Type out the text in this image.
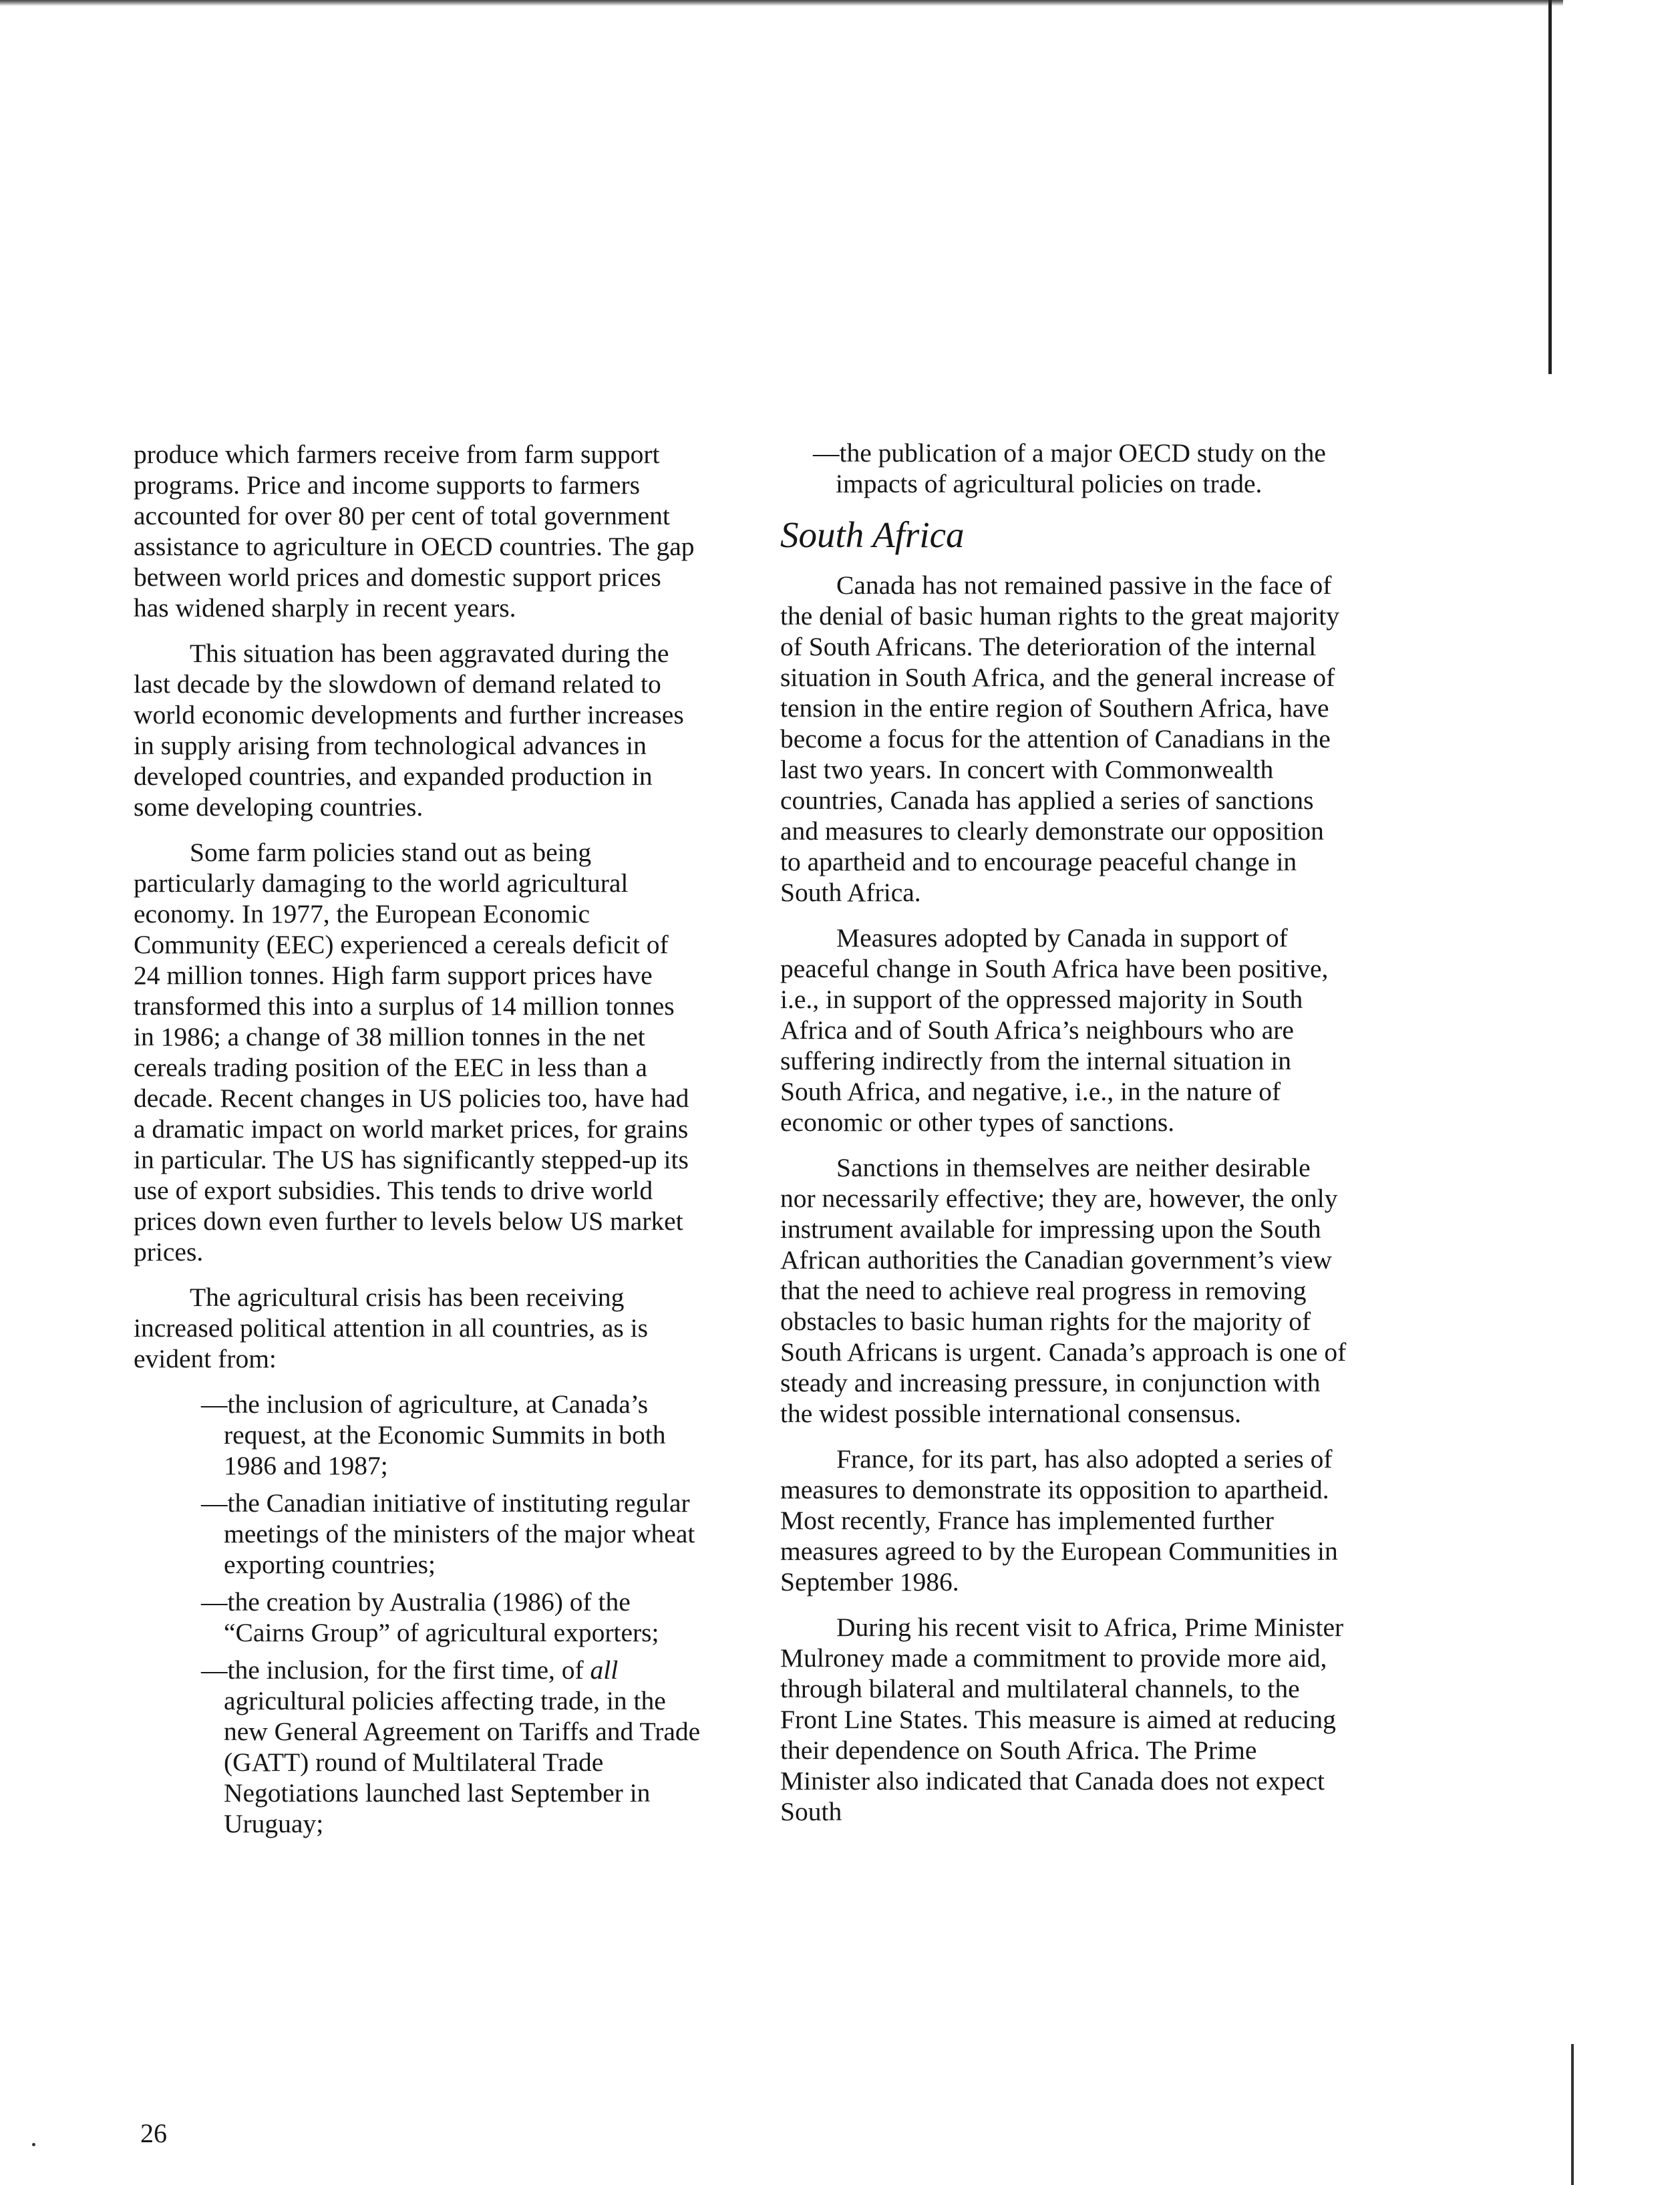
produce which farmers receive from farm support programs. Price and income supports to farmers accounted for over 80 per cent of total government assistance to agriculture in OECD countries. The gap between world prices and domestic support prices has widened sharply in recent years.

This situation has been aggravated during the last decade by the slowdown of demand related to world economic developments and further increases in supply arising from technological advances in developed countries, and expanded production in some developing countries.

Some farm policies stand out as being particularly damaging to the world agricultural economy. In 1977, the European Economic Community (EEC) experienced a cereals deficit of 24 million tonnes. High farm support prices have transformed this into a surplus of 14 million tonnes in 1986; a change of 38 million tonnes in the net cereals trading position of the EEC in less than a decade. Recent changes in US policies too, have had a dramatic impact on world market prices, for grains in particular. The US has significantly stepped-up its use of export subsidies. This tends to drive world prices down even further to levels below US market prices.

The agricultural crisis has been receiving increased political attention in all countries, as is evident from:

—the inclusion of agriculture, at Canada’s request, at the Economic Summits in both 1986 and 1987;
—the Canadian initiative of instituting regular meetings of the ministers of the major wheat exporting countries;
—the creation by Australia (1986) of the “Cairns Group” of agricultural exporters;
—the inclusion, for the first time, of all agricultural policies affecting trade, in the new General Agreement on Tariffs and Trade (GATT) round of Multilateral Trade Negotiations launched last September in Uruguay;
—the publication of a major OECD study on the impacts of agricultural policies on trade.
South Africa

Canada has not remained passive in the face of the denial of basic human rights to the great majority of South Africans. The deterioration of the internal situation in South Africa, and the general increase of tension in the entire region of Southern Africa, have become a focus for the attention of Canadians in the last two years. In concert with Commonwealth countries, Canada has applied a series of sanctions and measures to clearly demonstrate our opposition to apartheid and to encourage peaceful change in South Africa.

Measures adopted by Canada in support of peaceful change in South Africa have been positive, i.e., in support of the oppressed majority in South Africa and of South Africa’s neighbours who are suffering indirectly from the internal situation in South Africa, and negative, i.e., in the nature of economic or other types of sanctions.

Sanctions in themselves are neither desirable nor necessarily effective; they are, however, the only instrument available for impressing upon the South African authorities the Canadian government’s view that the need to achieve real progress in removing obstacles to basic human rights for the majority of South Africans is urgent. Canada’s approach is one of steady and increasing pressure, in conjunction with the widest possible international consensus.

France, for its part, has also adopted a series of measures to demonstrate its opposition to apartheid. Most recently, France has implemented further measures agreed to by the European Communities in September 1986.

During his recent visit to Africa, Prime Minister Mulroney made a commitment to provide more aid, through bilateral and multilateral channels, to the Front Line States. This measure is aimed at reducing their dependence on South Africa. The Prime Minister also indicated that Canada does not expect South

26
